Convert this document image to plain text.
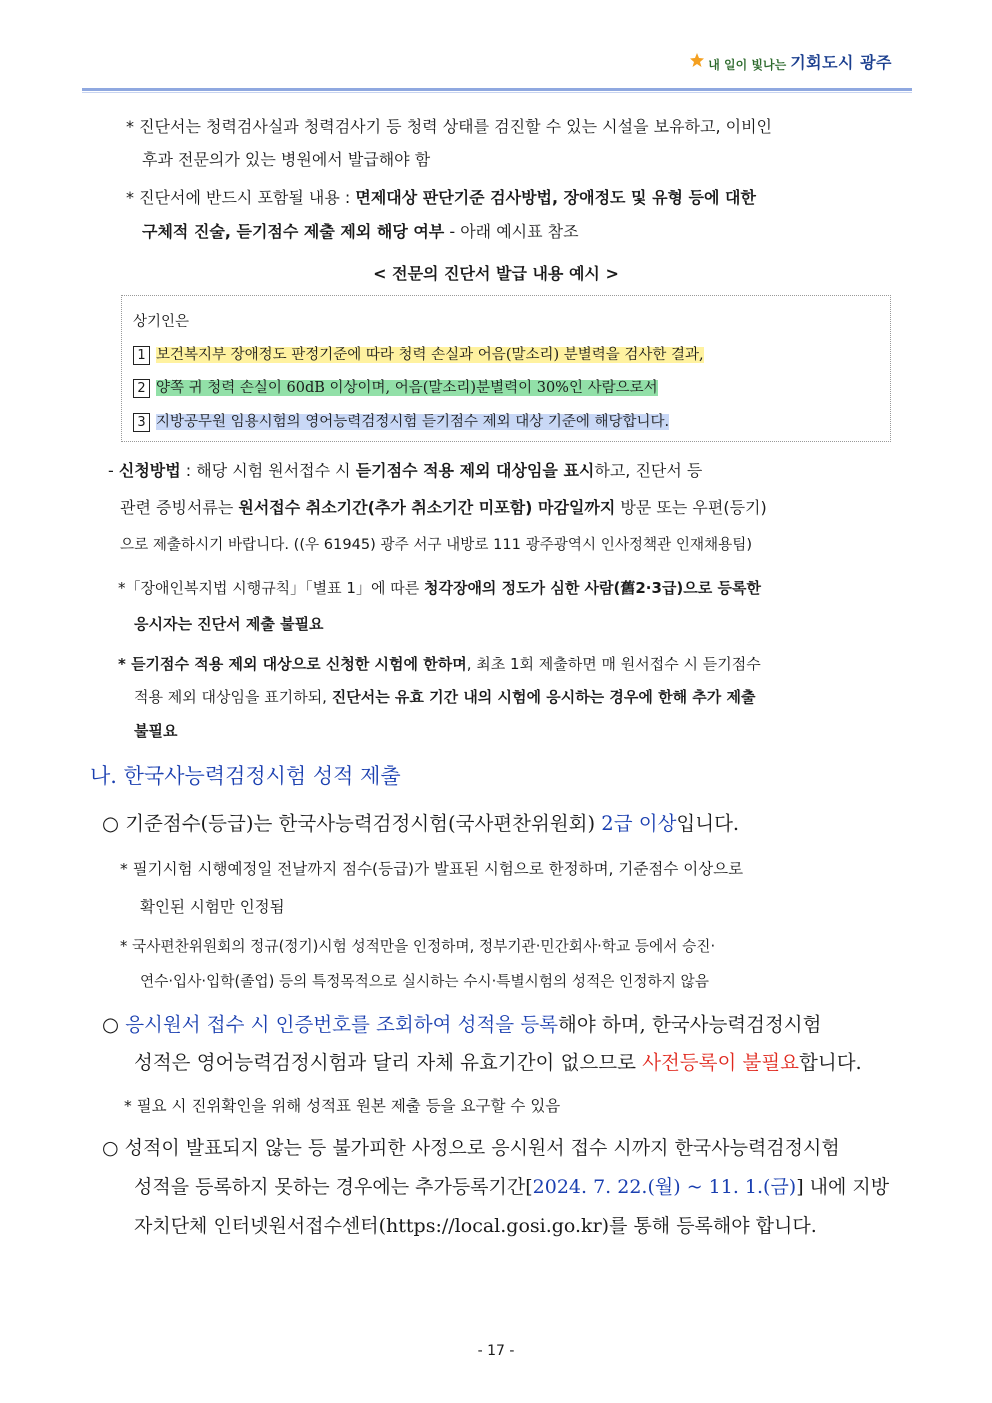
내 일이 빛나는 기회도시 광주
* 진단서는 청력검사실과 청력검사기 등 청력 상태를 검진할 수 있는 시설을 보유하고, 이비인
후과 전문의가 있는 병원에서 발급해야 함
* 진단서에 반드시 포함될 내용 : 면제대상 판단기준 검사방법, 장애정도 및 유형 등에 대한
구체적 진술, 듣기점수 제출 제외 해당 여부 - 아래 예시표 참조
< 전문의 진단서 발급 내용 예시 >
상기인은
1 보건복지부 장애정도 판정기준에 따라 청력 손실과 어음(말소리) 분별력을 검사한 결과,
2 양쪽 귀 청력 손실이 60dB 이상이며, 어음(말소리)분별력이 30%인 사람으로서
3 지방공무원 임용시험의 영어능력검정시험 듣기점수 제외 대상 기준에 해당합니다.
- 신청방법 : 해당 시험 원서접수 시 듣기점수 적용 제외 대상임을 표시하고, 진단서 등
관련 증빙서류는 원서접수 취소기간(추가 취소기간 미포함) 마감일까지 방문 또는 우편(등기)
으로 제출하시기 바랍니다. ((우 61945) 광주 서구 내방로 111 광주광역시 인사정책관 인재채용팀)
*「장애인복지법 시행규칙」「별표 1」에 따른 청각장애의 정도가 심한 사람(舊2·3급)으로 등록한
응시자는 진단서 제출 불필요
* 듣기점수 적용 제외 대상으로 신청한 시험에 한하며, 최초 1회 제출하면 매 원서접수 시 듣기점수
적용 제외 대상임을 표기하되, 진단서는 유효 기간 내의 시험에 응시하는 경우에 한해 추가 제출
불필요
나. 한국사능력검정시험 성적 제출
○ 기준점수(등급)는 한국사능력검정시험(국사편찬위원회) 2급 이상입니다.
* 필기시험 시행예정일 전날까지 점수(등급)가 발표된 시험으로 한정하며, 기준점수 이상으로
확인된 시험만 인정됨
* 국사편찬위원회의 정규(정기)시험 성적만을 인정하며, 정부기관·민간회사·학교 등에서 승진·
연수·입사·입학(졸업) 등의 특정목적으로 실시하는 수시·특별시험의 성적은 인정하지 않음
○ 응시원서 접수 시 인증번호를 조회하여 성적을 등록해야 하며, 한국사능력검정시험
성적은 영어능력검정시험과 달리 자체 유효기간이 없으므로 사전등록이 불필요합니다.
* 필요 시 진위확인을 위해 성적표 원본 제출 등을 요구할 수 있음
○ 성적이 발표되지 않는 등 불가피한 사정으로 응시원서 접수 시까지 한국사능력검정시험
성적을 등록하지 못하는 경우에는 추가등록기간[2024. 7. 22.(월) ~ 11. 1.(금)] 내에 지방
자치단체 인터넷원서접수센터(https://local.gosi.go.kr)를 통해 등록해야 합니다.
- 17 -
